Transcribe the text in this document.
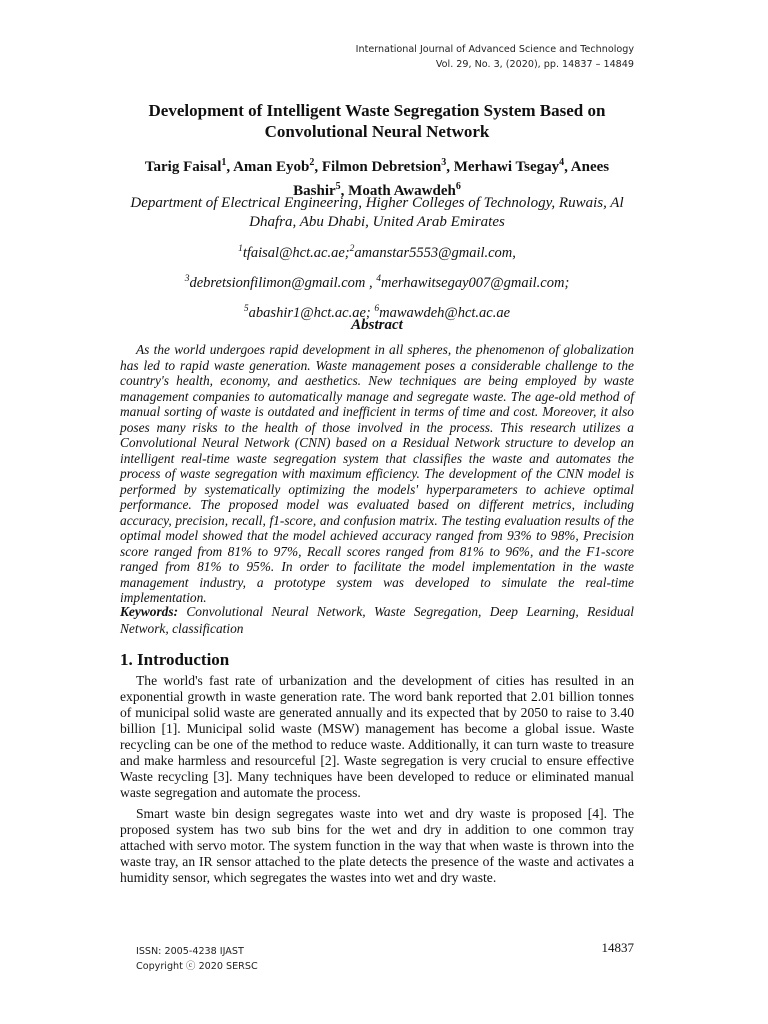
International Journal of Advanced Science and Technology
Vol. 29, No. 3, (2020), pp. 14837 – 14849
Development of Intelligent Waste Segregation System Based on Convolutional Neural Network
Tarig Faisal$^1$, Aman Eyob$^2$, Filmon Debretsion$^3$, Merhawi Tsegay$^4$, Anees Bashir$^5$, Moath Awawdeh$^6$
Department of Electrical Engineering, Higher Colleges of Technology, Ruwais, Al Dhafra, Abu Dhabi, United Arab Emirates
$^1$tfaisal@hct.ac.ae;$^2$amanstar5553@gmail.com,
$^3$debretsionfilimon@gmail.com , $^4$merhawitsegay007@gmail.com;
$^5$abashir1@hct.ac.ae; $^6$mawawdeh@hct.ac.ae
Abstract

As the world undergoes rapid development in all spheres, the phenomenon of globalization has led to rapid waste generation. Waste management poses a considerable challenge to the country's health, economy, and aesthetics. New techniques are being employed by waste management companies to automatically manage and segregate waste. The age-old method of manual sorting of waste is outdated and inefficient in terms of time and cost. Moreover, it also poses many risks to the health of those involved in the process. This research utilizes a Convolutional Neural Network (CNN) based on a Residual Network structure to develop an intelligent real-time waste segregation system that classifies the waste and automates the process of waste segregation with maximum efficiency. The development of the CNN model is performed by systematically optimizing the models' hyperparameters to achieve optimal performance. The proposed model was evaluated based on different metrics, including accuracy, precision, recall, f1-score, and confusion matrix. The testing evaluation results of the optimal model showed that the model achieved accuracy ranged from 93% to 98%, Precision score ranged from 81% to 97%, Recall scores ranged from 81% to 96%, and the F1-score ranged from 81% to 95%. In order to facilitate the model implementation in the waste management industry, a prototype system was developed to simulate the real-time implementation.

Keywords: Convolutional Neural Network, Waste Segregation, Deep Learning, Residual Network, classification

1. Introduction

The world's fast rate of urbanization and the development of cities has resulted in an exponential growth in waste generation rate. The word bank reported that 2.01 billion tonnes of municipal solid waste are generated annually and its expected that by 2050 to raise to 3.40 billion [1]. Municipal solid waste (MSW) management has become a global issue. Waste recycling can be one of the method to reduce waste. Additionally, it can turn waste to treasure and make harmless and resourceful [2]. Waste segregation is very crucial to ensure effective Waste recycling [3]. Many techniques have been developed to reduce or eliminated manual waste segregation and automate the process.

Smart waste bin design segregates waste into wet and dry waste is proposed [4]. The proposed system has two sub bins for the wet and dry in addition to one common tray attached with servo motor. The system function in the way that when waste is thrown into the waste tray, an IR sensor attached to the plate detects the presence of the waste and activates a humidity sensor, which segregates the wastes into wet and dry waste.

ISSN: 2005-4238 IJAST
Copyright ⓒ 2020 SERSC
14837
